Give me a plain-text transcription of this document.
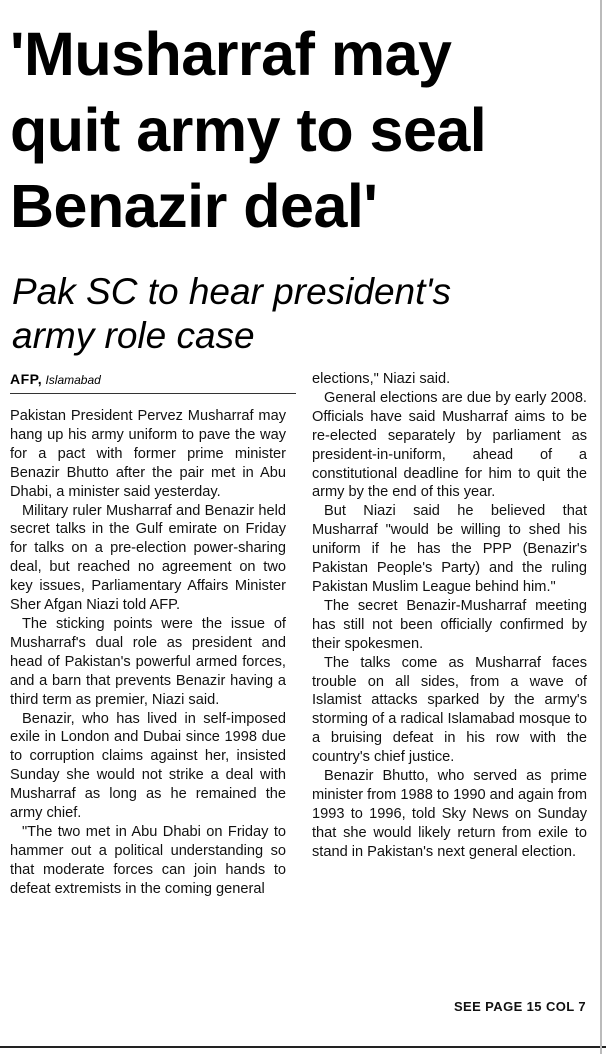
'Musharraf may
quit army to seal
Benazir deal'
Pak SC to hear president's
army role case
AFP, Islamabad

Pakistan President Pervez Musharraf may hang up his army uniform to pave the way for a pact with former prime minister Benazir Bhutto after the pair met in Abu Dhabi, a minister said yesterday.

Military ruler Musharraf and Benazir held secret talks in the Gulf emirate on Friday for talks on a pre-election power-sharing deal, but reached no agreement on two key issues, Parliamentary Affairs Minister Sher Afgan Niazi told AFP.

The sticking points were the issue of Musharraf's dual role as president and head of Pakistan's powerful armed forces, and a barn that prevents Benazir having a third term as premier, Niazi said.

Benazir, who has lived in self-imposed exile in London and Dubai since 1998 due to corruption claims against her, insisted Sunday she would not strike a deal with Musharraf as long as he remained the army chief.

"The two met in Abu Dhabi on Friday to hammer out a political understanding so that moderate forces can join hands to defeat extremists in the coming general

elections," Niazi said.

General elections are due by early 2008. Officials have said Musharraf aims to be re-elected separately by parliament as president-in-uniform, ahead of a constitutional deadline for him to quit the army by the end of this year.

But Niazi said he believed that Musharraf "would be willing to shed his uniform if he has the PPP (Benazir's Pakistan People's Party) and the ruling Pakistan Muslim League behind him."

The secret Benazir-Musharraf meeting has still not been officially confirmed by their spokesmen.

The talks come as Musharraf faces trouble on all sides, from a wave of Islamist attacks sparked by the army's storming of a radical Islamabad mosque to a bruising defeat in his row with the country's chief justice.

Benazir Bhutto, who served as prime minister from 1988 to 1990 and again from 1993 to 1996, told Sky News on Sunday that she would likely return from exile to stand in Pakistan's next general election.

SEE PAGE 15 COL 7
